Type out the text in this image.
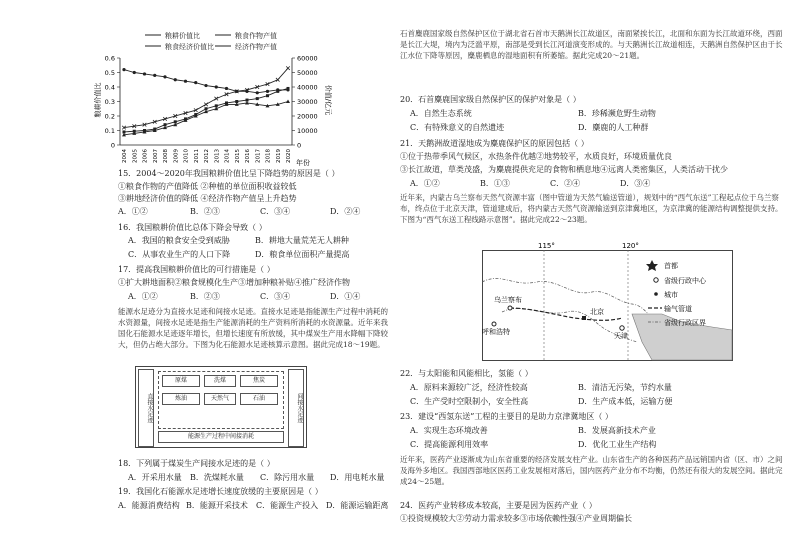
粮耕价值比	粮食作物产值
粮食经济价值比	经济作物产值
0
0.1
0.2
0.3
0.4
0.5
0.6
0
10000
20000
30000
40000
50000
60000
2004 2005 2006 2007 2008 2009 2010 2011 2012 2013 2014 2015 2016 2017 2018 2019 2020
粮耕价值比	价值/亿元
年份
15．2004～2020年我国粮耕价值比呈下降趋势的原因是（ ）
①粮食作物的产值降低 ②种植的单位面积收益较低
③耕地经济价值的降低 ④经济作物产值呈上升趋势
A．①②	B．②③	C．③④	D．②④
16．我国粮耕价值比总体下降会导致（ ）
A．我国的粮食安全受到威胁	B．耕地大量荒芜无人耕种
C．从事农业生产的人口下降	D．粮食单位面积产量提高
17．提高我国粮耕价值比的可行措施是（ ）
①扩大耕地面积②粮食规模化生产③增加种粮补贴④推广经济作物
A．①②	B．②③	C．③④	D．①④
能源水足迹分为直接水足迹和间接水足迹。直接水足迹是指能源生产过程中消耗的水资源量，间接水足迹是指生产能源消耗的生产资料所消耗的水资源量。近年来我国化石能源水足迹逐年增长，但增长速度有所放缓，其中煤炭生产用水降幅下降较大，但仍占绝大部分。下图为化石能源水足迹核算示意图。据此完成18～19题。
直接水足迹	间接水足迹
原煤	洗煤	焦炭
炼油	天然气	石油
能源生产过程中间接消耗
18．下列属于煤炭生产间接水足迹的是（ ）
A．开采用水量 B．洗煤耗水量 C．除污用水量 D．用电耗水量
19．我国化石能源水足迹增长速度放缓的主要原因是（ ）
A．能源消费结构 B．能源开采技术 C．能源生产投入 D．能源运输距离
石首麋鹿国家级自然保护区位于湖北省石首市天鹅洲长江故道区，南面紧挨长江，北面和东面为长江故道环绕，西面是长江大堤，境内为泛滥平原，南部是受到长江河道演变形成的。与天鹅洲长江故道相连，天鹅洲自然保护区由于长江水位下降等原因，麋鹿栖息的湿地面积有所萎缩。据此完成20～21题。
20．石首麋鹿国家级自然保护区的保护对象是（ ）
A．自然生态系统	B．珍稀濒危野生动物
C．有特殊意义的自然遗迹	D．麋鹿的人工种群
21．天鹅洲故道湿地成为麋鹿保护区的原因包括（ ）
①位于热带季风气候区，水热条件优越②地势较平，水质良好，环境质量优良
③长江故道，草类茂盛，为麋鹿提供充足的食物和栖息地④远离人类密集区，人类活动干扰少
A．①②	B．①③	C．②④	D．③④
近年来，内蒙古乌兰察布天然气资源丰富（图中管道为天然气输送管道），规划中的“西气东送”工程起点位于乌兰察布，终点位于北京天津，管道建成后，将内蒙古天然气资源输送到京津冀地区，为京津冀的能源结构调整提供支持。下图为“西气东送工程线路示意图”。据此完成22～23题。
115°	120°
乌兰察布
呼和浩特
北京
天津
首都
省级行政中心
城市
输气管道
省级行政区界
22．与太阳能和风能相比，氢能（ ）
A．原料来源较广泛，经济性较高	B．清洁无污染，节约水量
C．生产受时空限制小，安全性高	D．生产成本低，运输方便
23．建设“西氢东送”工程的主要目的是助力京津冀地区（ ）
A．实现生态环境改善	B．发展高新技术产业
C．提高能源利用效率	D．优化工业生产结构
近年来，医药产业逐渐成为山东省重要的经济发展支柱产业。山东省生产的各种医药产品远销国内省（区、市）之间及海外多地区。我国西部地区医药工业发展相对落后，国内医药产业分布不均衡，仍然还有很大的发展空间。据此完成24～25题。
24．医药产业转移成本较高，主要是因为医药产业（ ）
①投资规模较大②劳动力需求较多③市场依赖性强④产业周期偏长
